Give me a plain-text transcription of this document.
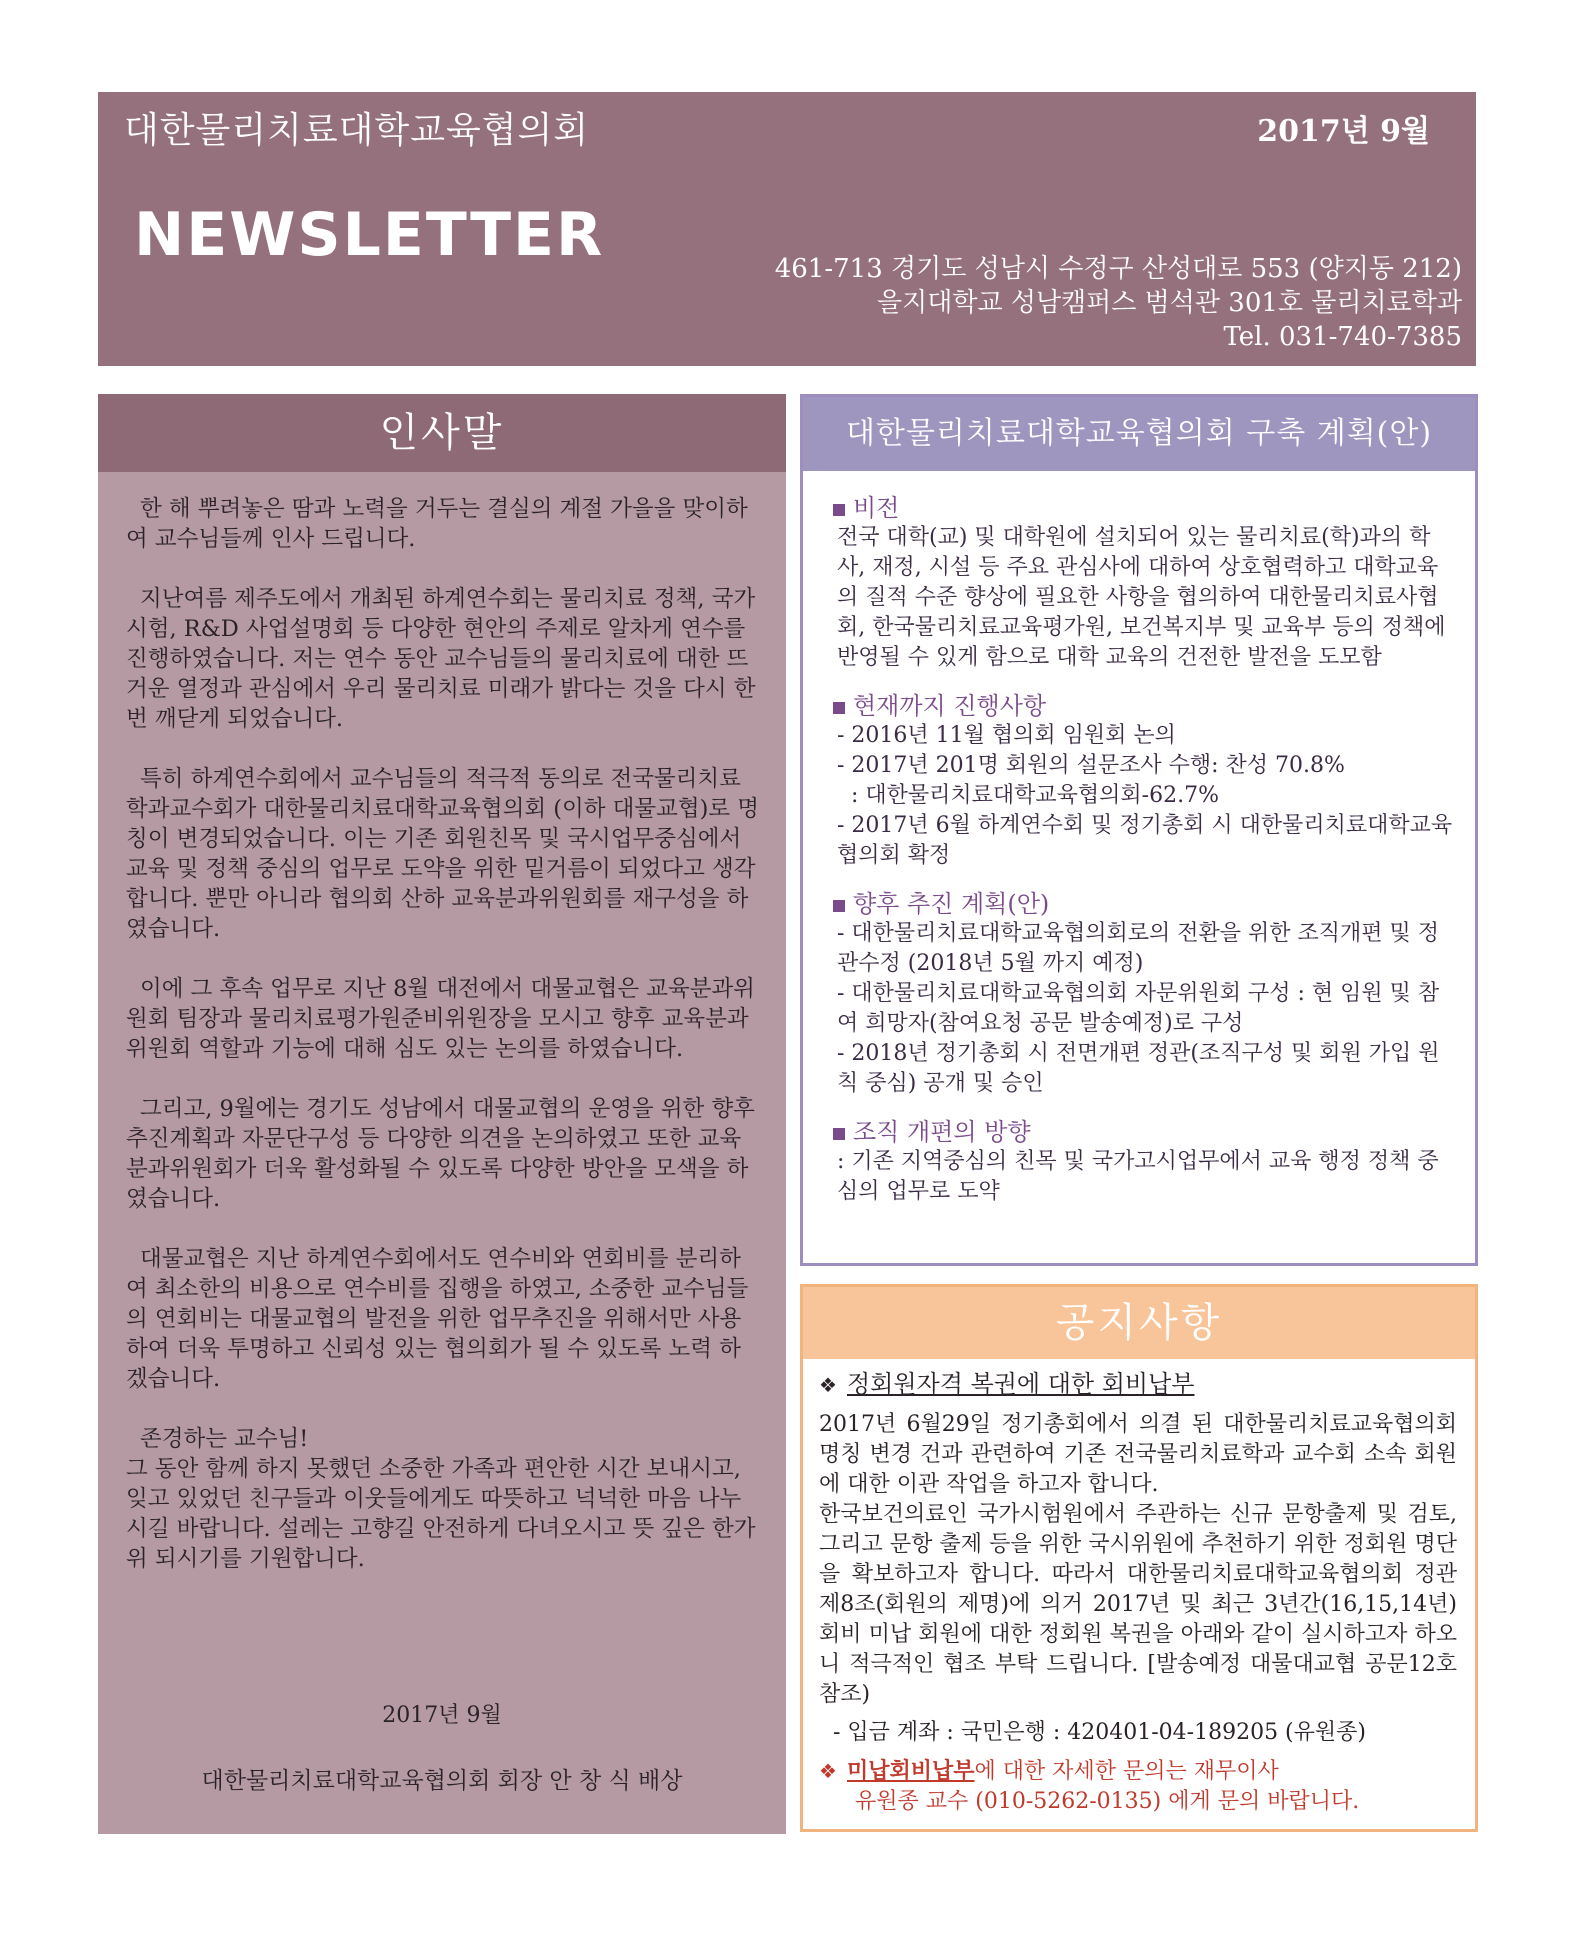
대한물리치료대학교육협의회	2017년 9월
NEWSLETTER	461-713 경기도 성남시 수정구 산성대로 553 (양지동 212)
을지대학교 성남캠퍼스 범석관 301호 물리치료학과
Tel. 031-740-7385
인사말

한 해 뿌려놓은 땀과 노력을 거두는 결실의 계절 가을을 맞이하여 교수님들께 인사 드립니다.

지난여름 제주도에서 개최된 하계연수회는 물리치료 정책, 국가시험, R&D 사업설명회 등 다양한 현안의 주제로 알차게 연수를 진행하였습니다. 저는 연수 동안 교수님들의 물리치료에 대한 뜨거운 열정과 관심에서 우리 물리치료 미래가 밝다는 것을 다시 한번 깨닫게 되었습니다.

특히 하계연수회에서 교수님들의 적극적 동의로 전국물리치료학과교수회가 대한물리치료대학교육협의회 (이하 대물교협)로 명칭이 변경되었습니다. 이는 기존 회원친목 및 국시업무중심에서 교육 및 정책 중심의 업무로 도약을 위한 밑거름이 되었다고 생각합니다. 뿐만 아니라 협의회 산하 교육분과위원회를 재구성을 하였습니다.

이에 그 후속 업무로 지난 8월 대전에서 대물교협은 교육분과위원회 팀장과 물리치료평가원준비위원장을 모시고 향후 교육분과위원회 역할과 기능에 대해 심도 있는 논의를 하였습니다.

그리고, 9월에는 경기도 성남에서 대물교협의 운영을 위한 향후 추진계획과 자문단구성 등 다양한 의견을 논의하였고 또한 교육분과위원회가 더욱 활성화될 수 있도록 다양한 방안을 모색을 하였습니다.

대물교협은 지난 하계연수회에서도 연수비와 연회비를 분리하여 최소한의 비용으로 연수비를 집행을 하였고, 소중한 교수님들의 연회비는 대물교협의 발전을 위한 업무추진을 위해서만 사용하여 더욱 투명하고 신뢰성 있는 협의회가 될 수 있도록 노력 하겠습니다.

존경하는 교수님!
그 동안 함께 하지 못했던 소중한 가족과 편안한 시간 보내시고, 잊고 있었던 친구들과 이웃들에게도 따뜻하고 넉넉한 마음 나누시길 바랍니다. 설레는 고향길 안전하게 다녀오시고 뜻 깊은 한가위 되시기를 기원합니다.

2017년 9월
대한물리치료대학교육협의회 회장 안 창 식 배상
대한물리치료대학교육협의회 구축 계획(안)
비전
전국 대학(교) 및 대학원에 설치되어 있는 물리치료(학)과의 학사, 재정, 시설 등 주요 관심사에 대하여 상호협력하고 대학교육의 질적 수준 향상에 필요한 사항을 협의하여 대한물리치료사협회, 한국물리치료교육평가원, 보건복지부 및 교육부 등의 정책에 반영될 수 있게 함으로 대학 교육의 건전한 발전을 도모함
현재까지 진행사항
- 2016년 11월 협의회 임원회 논의
- 2017년 201명 회원의 설문조사 수행: 찬성 70.8%
: 대한물리치료대학교육협의회-62.7%
- 2017년 6월 하계연수회 및 정기총회 시 대한물리치료대학교육협의회 확정
향후 추진 계획(안)
- 대한물리치료대학교육협의회로의 전환을 위한 조직개편 및 정관수정 (2018년 5월 까지 예정)
- 대한물리치료대학교육협의회 자문위원회 구성 : 현 임원 및 참여 희망자(참여요청 공문 발송예정)로 구성
- 2018년 정기총회 시 전면개편 정관(조직구성 및 회원 가입 원칙 중심) 공개 및 승인
조직 개편의 방향
: 기존 지역중심의 친목 및 국가고시업무에서 교육 행정 정책 중심의 업무로 도약
공지사항
❖ 정회원자격 복권에 대한 회비납부

2017년 6월29일 정기총회에서 의결 된 대한물리치료교육협의회 명칭 변경 건과 관련하여 기존 전국물리치료학과 교수회 소속 회원에 대한 이관 작업을 하고자 합니다.

한국보건의료인 국가시험원에서 주관하는 신규 문항출제 및 검토, 그리고 문항 출제 등을 위한 국시위원에 추천하기 위한 정회원 명단을 확보하고자 합니다. 따라서 대한물리치료대학교육협의회 정관 제8조(회원의 제명)에 의거 2017년 및 최근 3년간(16,15,14년) 회비 미납 회원에 대한 정회원 복권을 아래와 같이 실시하고자 하오니 적극적인 협조 부탁 드립니다. [발송예정 대물대교협 공문12호 참조)

- 입금 계좌 : 국민은행 : 420401-04-189205 (유원종)
❖ 미납회비납부에 대한 자세한 문의는 재무이사
유원종 교수 (010-5262-0135) 에게 문의 바랍니다.
